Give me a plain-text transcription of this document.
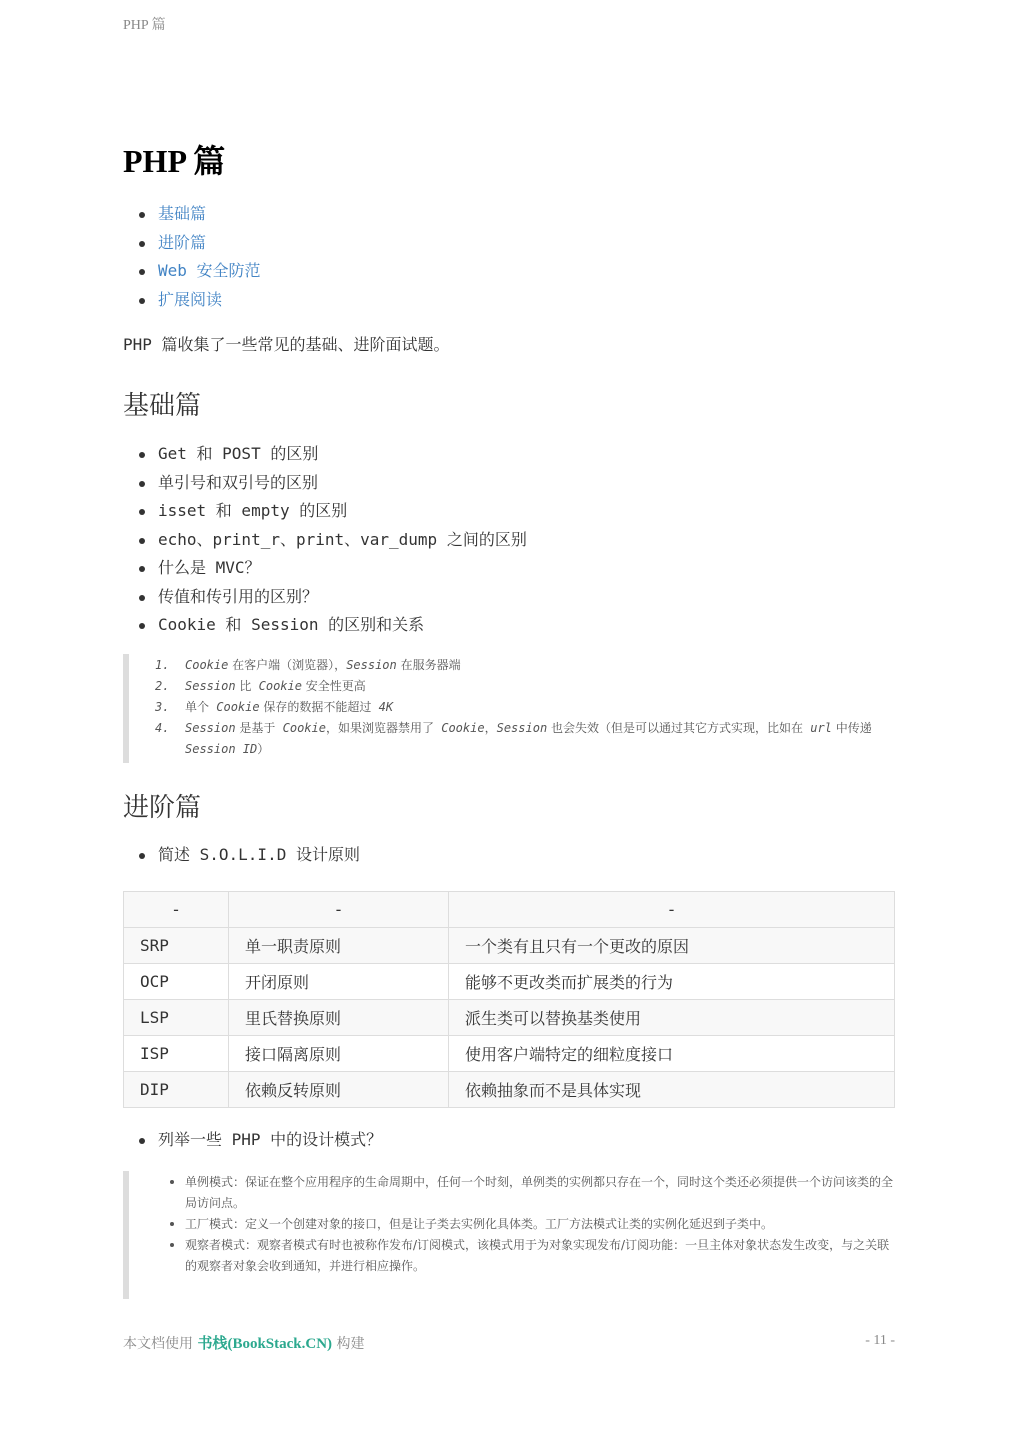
PHP 篇
PHP 篇
基础篇
进阶篇
Web 安全防范
扩展阅读

PHP 篇收集了一些常见的基础、进阶面试题。

基础篇
Get 和 POST 的区别
单引号和双引号的区别
isset 和 empty 的区别
echo、print_r、print、var_dump 之间的区别
什么是 MVC？
传值和传引用的区别？
Cookie 和 Session 的区别和关系
1. Cookie 在客户端（浏览器），Session 在服务器端
2. Session 比 Cookie 安全性更高
3. 单个 Cookie 保存的数据不能超过 4K
4. Session 是基于 Cookie，如果浏览器禁用了 Cookie，Session 也会失效（但是可以通过其它方式实现，比如在 url 中传递 Session ID）
进阶篇
简述 S.O.L.I.D 设计原则
-	-	-
SRP	单一职责原则	一个类有且只有一个更改的原因
OCP	开闭原则	能够不更改类而扩展类的行为
LSP	里氏替换原则	派生类可以替换基类使用
ISP	接口隔离原则	使用客户端特定的细粒度接口
DIP	依赖反转原则	依赖抽象而不是具体实现
列举一些 PHP 中的设计模式？
单例模式：保证在整个应用程序的生命周期中，任何一个时刻，单例类的实例都只存在一个，同时这个类还必须提供一个访问该类的全局访问点。
工厂模式：定义一个创建对象的接口，但是让子类去实例化具体类。工厂方法模式让类的实例化延迟到子类中。
观察者模式：观察者模式有时也被称作发布/订阅模式，该模式用于为对象实现发布/订阅功能：一旦主体对象状态发生改变，与之关联的观察者对象会收到通知，并进行相应操作。
本文档使用 书栈(BookStack.CN) 构建	- 11 -
